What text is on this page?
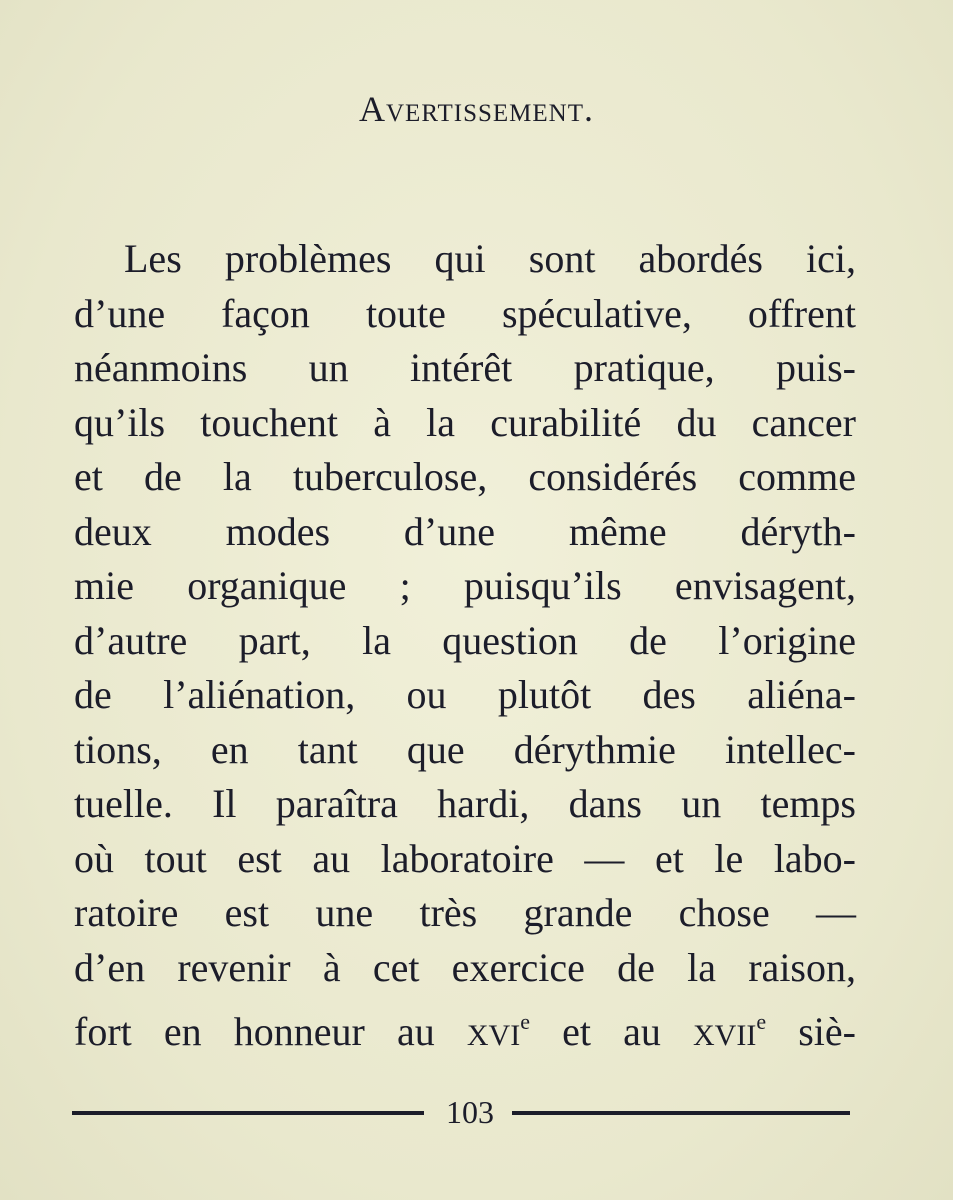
Avertissement.
Les problèmes qui sont abordés ici,
d’une façon toute spéculative, offrent
néanmoins un intérêt pratique, puis-
qu’ils touchent à la curabilité du cancer
et de la tuberculose, considérés comme
deux modes d’une même déryth-
mie organique ; puisqu’ils envisagent,
d’autre part, la question de l’origine
de l’aliénation, ou plutôt des aliéna-
tions, en tant que dérythmie intellec-
tuelle. Il paraîtra hardi, dans un temps
où tout est au laboratoire — et le labo-
ratoire est une très grande chose —
d’en revenir à cet exercice de la raison,
fort en honneur au XVIe et au XVIIe siè-
103
